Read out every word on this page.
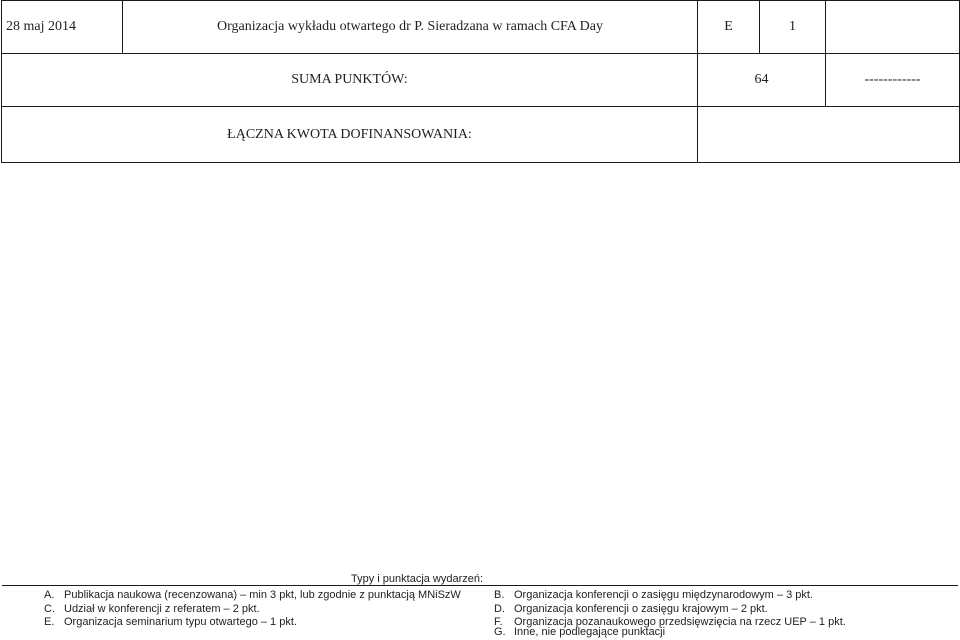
28 maj 2014	Organizacja wykładu otwartego dr P. Sieradzana w ramach CFA Day	E	1	
SUMA PUNKTÓW:		64		------------
ŁĄCZNA KWOTA DOFINANSOWANIA:				
Typy i punktacja wydarzeń:
A. Publikacja naukowa (recenzowana) – min 3 pkt, lub zgodnie z punktacją MNiSzW
C. Udział w konferencji z referatem – 2 pkt.
E. Organizacja seminarium typu otwartego – 1 pkt.
B. Organizacja konferencji o zasięgu międzynarodowym – 3 pkt.
D. Organizacja konferencji o zasięgu krajowym – 2 pkt.
F. Organizacja pozanaukowego przedsięwzięcia na rzecz UEP – 1 pkt.
G. Inne, nie podlegające punktacji
